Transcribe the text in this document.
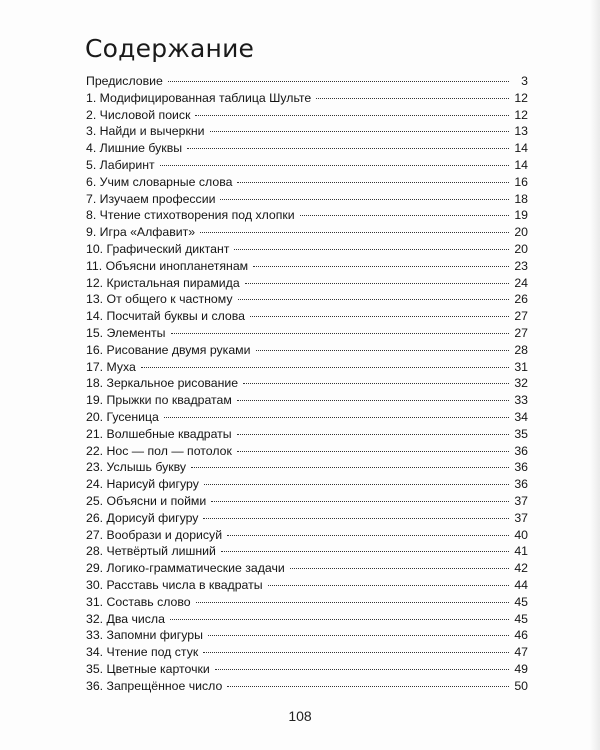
Содержание
Предисловие	3
1. Модифицированная таблица Шульте	12
2. Числовой поиск	12
3. Найди и вычеркни	13
4. Лишние буквы	14
5. Лабиринт	14
6. Учим словарные слова	16
7. Изучаем профессии	18
8. Чтение стихотворения под хлопки	19
9. Игра «Алфавит»	20
10. Графический диктант	20
11. Объясни инопланетянам	23
12. Кристальная пирамида	24
13. От общего к частному	26
14. Посчитай буквы и слова	27
15. Элементы	27
16. Рисование двумя руками	28
17. Муха	31
18. Зеркальное рисование	32
19. Прыжки по квадратам	33
20. Гусеница	34
21. Волшебные квадраты	35
22. Нос — пол — потолок	36
23. Услышь букву	36
24. Нарисуй фигуру	36
25. Объясни и пойми	37
26. Дорисуй фигуру	37
27. Вообрази и дорисуй	40
28. Четвёртый лишний	41
29. Логико-грамматические задачи	42
30. Расставь числа в квадраты	44
31. Составь слово	45
32. Два числа	45
33. Запомни фигуры	46
34. Чтение под стук	47
35. Цветные карточки	49
36. Запрещённое число	50
108
